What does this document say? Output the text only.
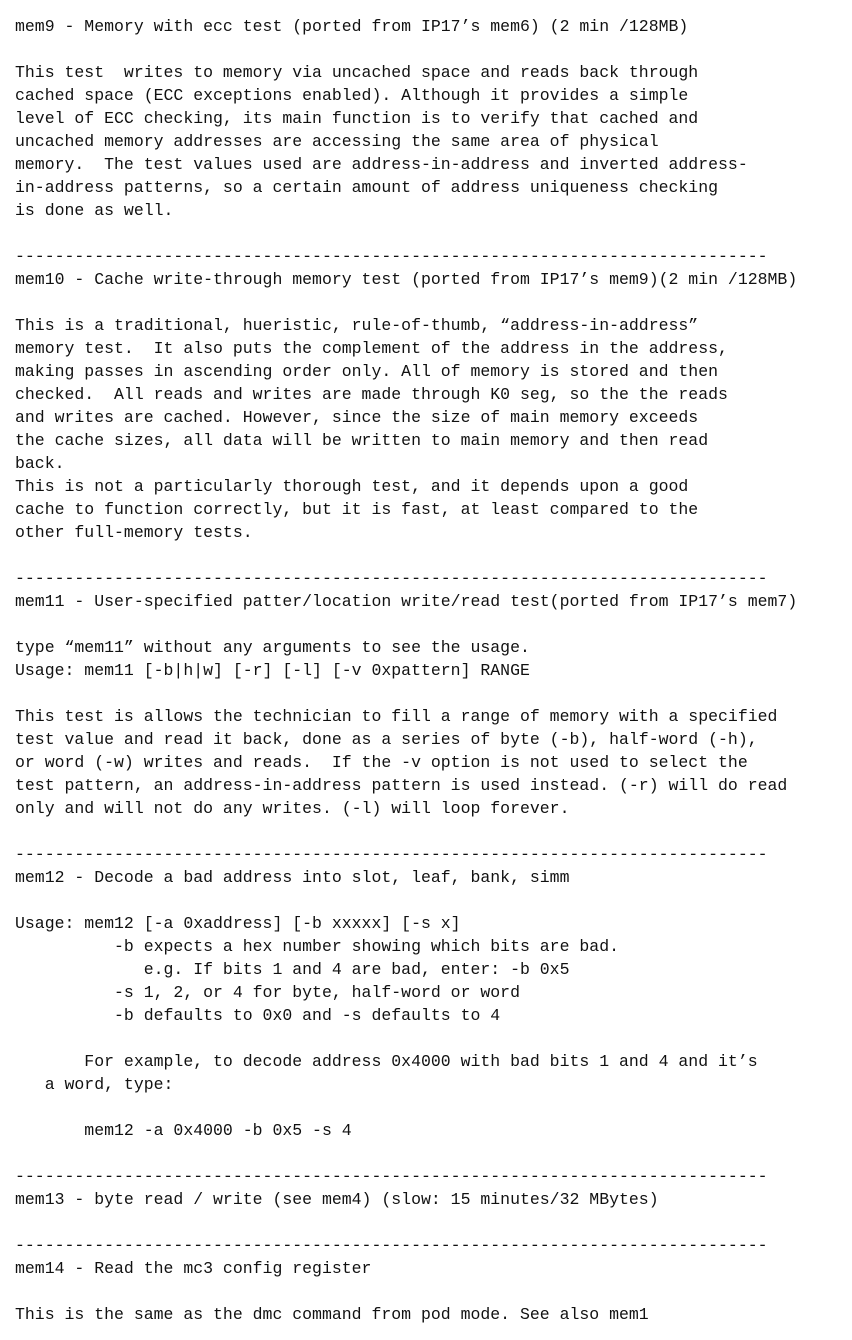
mem9 - Memory with ecc test (ported from IP17’s mem6) (2 min /128MB)
This test  writes to memory via uncached space and reads back through
cached space (ECC exceptions enabled). Although it provides a simple
level of ECC checking, its main function is to verify that cached and
uncached memory addresses are accessing the same area of physical
memory.  The test values used are address-in-address and inverted address-
in-address patterns, so a certain amount of address uniqueness checking
is done as well.
----------------------------------------------------------------------------
mem10 - Cache write-through memory test (ported from IP17’s mem9)(2 min /128MB)
This is a traditional, hueristic, rule-of-thumb, “address-in-address”
memory test.  It also puts the complement of the address in the address,
making passes in ascending order only. All of memory is stored and then
checked.  All reads and writes are made through K0 seg, so the the reads
and writes are cached. However, since the size of main memory exceeds
the cache sizes, all data will be written to main memory and then read
back.
This is not a particularly thorough test, and it depends upon a good
cache to function correctly, but it is fast, at least compared to the
other full-memory tests.
----------------------------------------------------------------------------
mem11 - User-specified patter/location write/read test(ported from IP17’s mem7)
type “mem11” without any arguments to see the usage.
Usage: mem11 [-b|h|w] [-r] [-l] [-v 0xpattern] RANGE
This test is allows the technician to fill a range of memory with a specified
test value and read it back, done as a series of byte (-b), half-word (-h),
or word (-w) writes and reads.  If the -v option is not used to select the
test pattern, an address-in-address pattern is used instead. (-r) will do read
only and will not do any writes. (-l) will loop forever.
----------------------------------------------------------------------------
mem12 - Decode a bad address into slot, leaf, bank, simm
Usage: mem12 [-a 0xaddress] [-b xxxxx] [-s x]
-b expects a hex number showing which bits are bad.
e.g. If bits 1 and 4 are bad, enter: -b 0x5
-s 1, 2, or 4 for byte, half-word or word
-b defaults to 0x0 and -s defaults to 4
For example, to decode address 0x4000 with bad bits 1 and 4 and it’s
a word, type:
mem12 -a 0x4000 -b 0x5 -s 4
----------------------------------------------------------------------------
mem13 - byte read / write (see mem4) (slow: 15 minutes/32 MBytes)
----------------------------------------------------------------------------
mem14 - Read the mc3 config register
This is the same as the dmc command from pod mode. See also mem1
